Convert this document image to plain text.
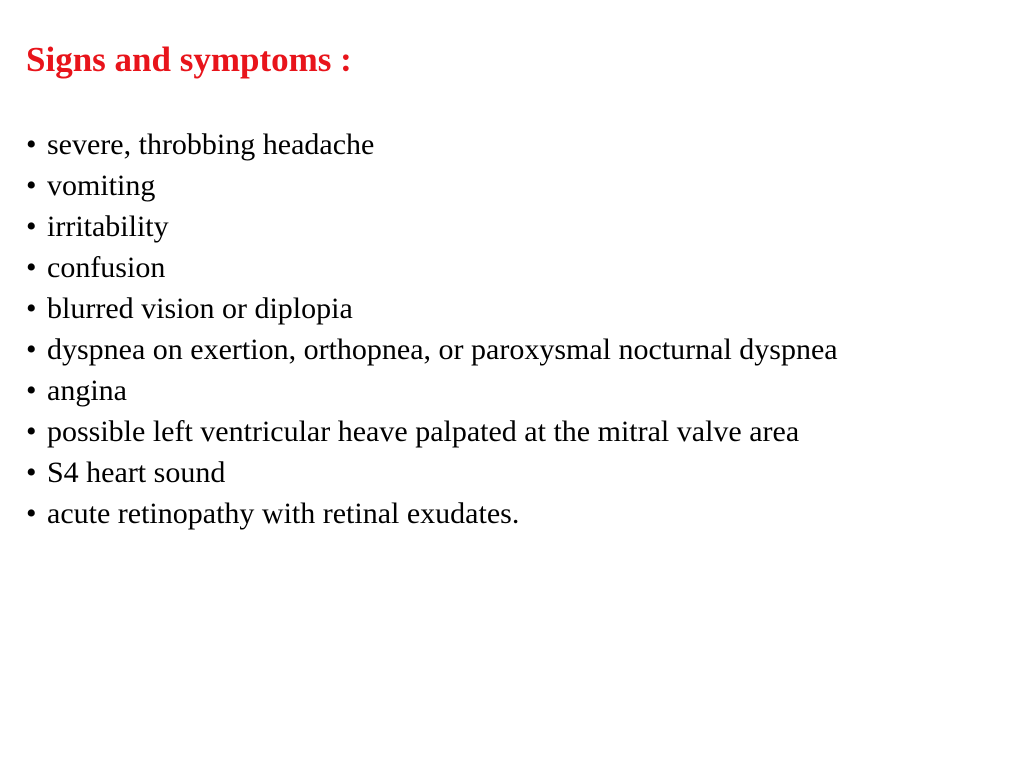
Signs and symptoms :
• severe, throbbing headache
• vomiting
• irritability
• confusion
• blurred vision or diplopia
• dyspnea on exertion, orthopnea, or paroxysmal nocturnal dyspnea
• angina
• possible left ventricular heave palpated at the mitral valve area
• S4 heart sound
• acute retinopathy with retinal exudates.
